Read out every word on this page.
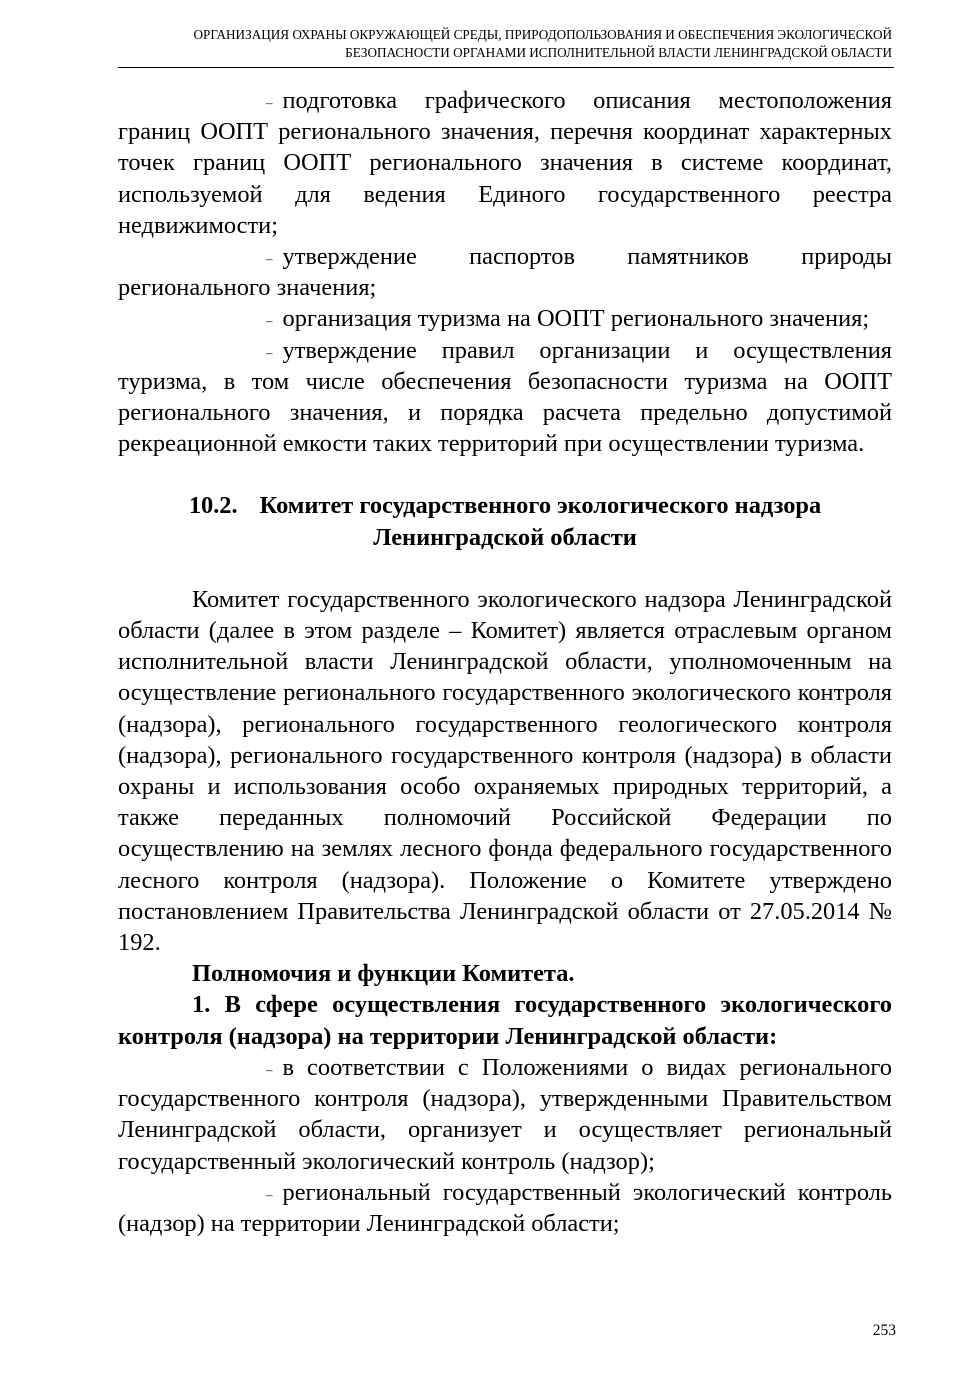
ОРГАНИЗАЦИЯ ОХРАНЫ ОКРУЖАЮЩЕЙ СРЕДЫ, ПРИРОДОПОЛЬЗОВАНИЯ И ОБЕСПЕЧЕНИЯ ЭКОЛОГИЧЕСКОЙ
БЕЗОПАСНОСТИ ОРГАНАМИ ИСПОЛНИТЕЛЬНОЙ ВЛАСТИ ЛЕНИНГРАДСКОЙ ОБЛАСТИ

– подготовка графического описания местоположения границ ООПТ регионального значения, перечня координат характерных точек границ ООПТ регионального значения в системе координат, используемой для ведения Единого государственного реестра недвижимости;

– утверждение паспортов памятников природы регионального значения;

– организация туризма на ООПТ регионального значения;

– утверждение правил организации и осуществления туризма, в том числе обеспечения безопасности туризма на ООПТ регионального значения, и порядка расчета предельно допустимой рекреационной емкости таких территорий при осуществлении туризма.

10.2. Комитет государственного экологического надзора
Ленинградской области

Комитет государственного экологического надзора Ленинградской области (далее в этом разделе – Комитет) является отраслевым органом исполнительной власти Ленинградской области, уполномоченным на осуществление регионального государственного экологического контроля (надзора), регионального государственного геологического контроля (надзора), регионального государственного контроля (надзора) в области охраны и использования особо охраняемых природных территорий, а также переданных полномочий Российской Федерации по осуществлению на землях лесного фонда федерального государственного лесного контроля (надзора). Положение о Комитете утверждено постановлением Правительства Ленинградской области от 27.05.2014 № 192.

Полномочия и функции Комитета.

1. В сфере осуществления государственного экологического контроля (надзора) на территории Ленинградской области:

– в соответствии с Положениями о видах регионального государственного контроля (надзора), утвержденными Правительством Ленинградской области, организует и осуществляет региональный государственный экологический контроль (надзор);

– региональный государственный экологический контроль (надзор) на территории Ленинградской области;

253
